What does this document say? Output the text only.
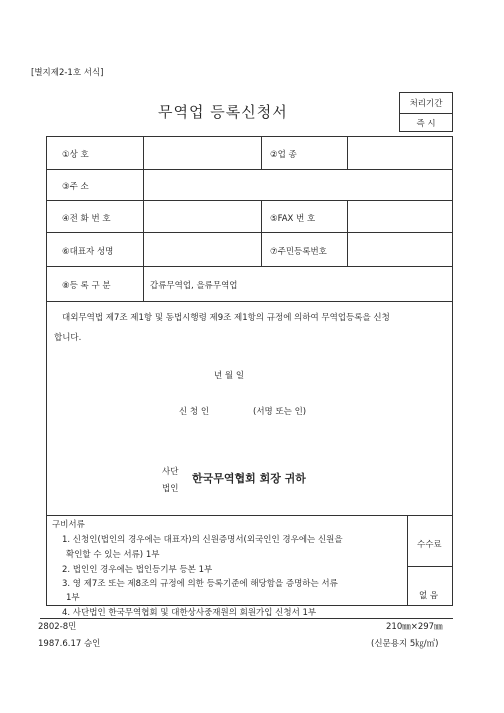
[별지제2-1호 서식]
무역업 등록신청서	처리기간
즉 시
①상 호	②업 종
③주 소
④전 화 번 호	⑤FAX 번 호
⑥대표자 성명	⑦주민등록번호
⑧등 록 구 분	갑류무역업, 을류무역업
대외무역법 제7조 제1항 및 동법시행령 제9조 제1항의 규정에 의하여 무역업등록을 신청
합니다.
년 월 일
신 청 인	(서명 또는 인)
사단
법인
한국무역협회 회장 귀하
구비서류
1. 신청인(법인의 경우에는 대표자)의 신원증명서(외국인인 경우에는 신원을
확인할 수 있는 서류) 1부
2. 법인인 경우에는 법인등기부 등본 1부
3. 영 제7조 또는 제8조의 규정에 의한 등록기준에 해당함을 증명하는 서류
1부
4. 사단법인 한국무역협회 및 대한상사중재원의 회원가입 신청서 1부
수수료
없 음
2802-8민
1987.6.17 승인
210㎜×297㎜
(신문용지 5㎏/㎡)
